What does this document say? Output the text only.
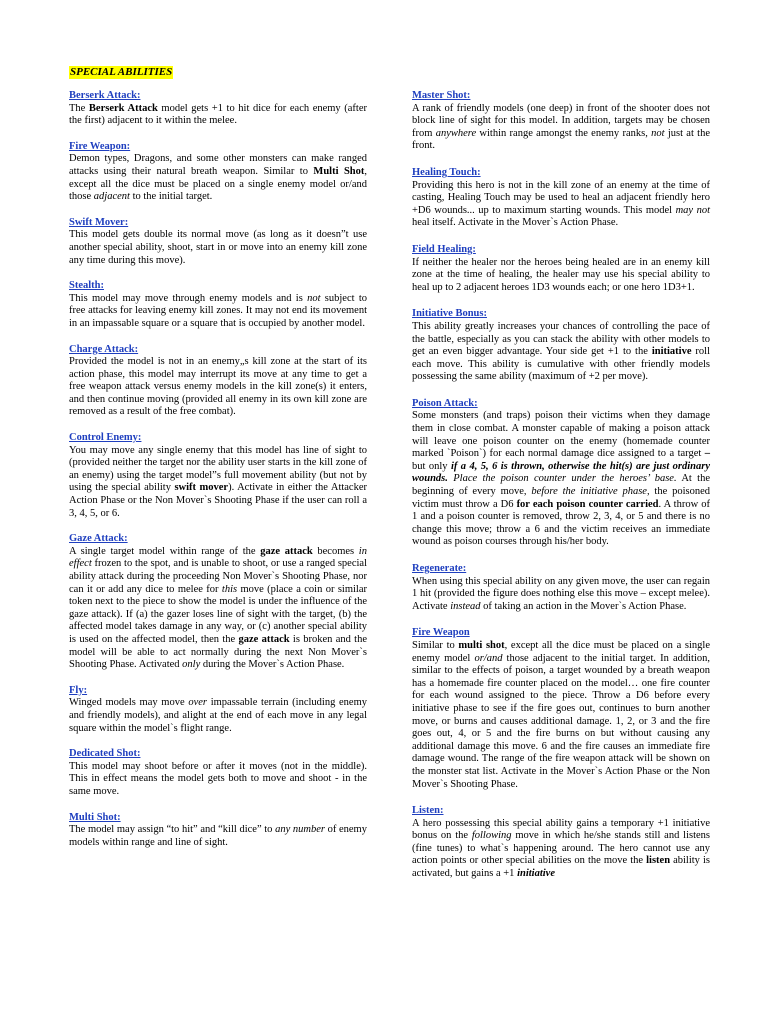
SPECIAL ABILITIES
Berserk Attack:
The Berserk Attack model gets +1 to hit dice for each enemy (after the first) adjacent to it within the melee.
Fire Weapon:
Demon types, Dragons, and some other monsters can make ranged attacks using their natural breath weapon. Similar to Multi Shot, except all the dice must be placed on a single enemy model or/and those adjacent to the initial target.
Swift Mover:
This model gets double its normal move (as long as it doesn”t use another special ability, shoot, start in or move into an enemy kill zone any time during this move).
Stealth:
This model may move through enemy models and is not subject to free attacks for leaving enemy kill zones. It may not end its movement in an impassable square or a square that is occupied by another model.
Charge Attack:
Provided the model is not in an enemy„s kill zone at the start of its action phase, this model may interrupt its move at any time to get a free weapon attack versus enemy models in the kill zone(s) it enters, and then continue moving (provided all enemy in its own kill zone are removed as a result of the free combat).
Control Enemy:
You may move any single enemy that this model has line of sight to (provided neither the target nor the ability user starts in the kill zone of an enemy) using the target model”s full movement ability (but not by using the special ability swift mover). Activate in either the Attacker Action Phase or the Non Mover`s Shooting Phase if the user can roll a 3, 4, 5, or 6.
Gaze Attack:
A single target model within range of the gaze attack becomes in effect frozen to the spot, and is unable to shoot, or use a ranged special ability attack during the proceeding Non Mover`s Shooting Phase, nor can it or add any dice to melee for this move (place a coin or similar token next to the piece to show the model is under the influence of the gaze attack). If (a) the gazer loses line of sight with the target, (b) the affected model takes damage in any way, or (c) another special ability is used on the affected model, then the gaze attack is broken and the model will be able to act normally during the next Non Mover`s Shooting Phase. Activated only during the Mover`s Action Phase.
Fly:
Winged models may move over impassable terrain (including enemy and friendly models), and alight at the end of each move in any legal square within the model`s flight range.
Dedicated Shot:
This model may shoot before or after it moves (not in the middle). This in effect means the model gets both to move and shoot - in the same move.
Multi Shot:
The model may assign “to hit” and “kill dice” to any number of enemy models within range and line of sight.
Master Shot:
A rank of friendly models (one deep) in front of the shooter does not block line of sight for this model. In addition, targets may be chosen from anywhere within range amongst the enemy ranks, not just at the front.
Healing Touch:
Providing this hero is not in the kill zone of an enemy at the time of casting, Healing Touch may be used to heal an adjacent friendly hero +D6 wounds... up to maximum starting wounds. This model may not heal itself. Activate in the Mover`s Action Phase.
Field Healing:
If neither the healer nor the heroes being healed are in an enemy kill zone at the time of healing, the healer may use his special ability to heal up to 2 adjacent heroes 1D3 wounds each; or one hero 1D3+1.
Initiative Bonus:
This ability greatly increases your chances of controlling the pace of the battle, especially as you can stack the ability with other models to get an even bigger advantage. Your side get +1 to the initiative roll each move. This ability is cumulative with other friendly models possessing the same ability (maximum of +2 per move).
Poison Attack:
Some monsters (and traps) poison their victims when they damage them in close combat. A monster capable of making a poison attack will leave one poison counter on the enemy (homemade counter marked `Poison`) for each normal damage dice assigned to a target – but only if a 4, 5, 6 is thrown, otherwise the hit(s) are just ordinary wounds. Place the poison counter under the heroes’ base. At the beginning of every move, before the initiative phase, the poisoned victim must throw a D6 for each poison counter carried. A throw of 1 and a poison counter is removed, throw 2, 3, 4, or 5 and there is no change this move; throw a 6 and the victim receives an immediate wound as poison courses through his/her body.
Regenerate:
When using this special ability on any given move, the user can regain 1 hit (provided the figure does nothing else this move – except melee). Activate instead of taking an action in the Mover`s Action Phase.
Fire Weapon
Similar to multi shot, except all the dice must be placed on a single enemy model or/and those adjacent to the initial target. In addition, similar to the effects of poison, a target wounded by a breath weapon has a homemade fire counter placed on the model… one fire counter for each wound assigned to the piece. Throw a D6 before every initiative phase to see if the fire goes out, continues to burn another move, or burns and causes additional damage. 1, 2, or 3 and the fire goes out, 4, or 5 and the fire burns on but without causing any additional damage this move. 6 and the fire causes an immediate fire damage wound. The range of the fire weapon attack will be shown on the monster stat list. Activate in the Mover`s Action Phase or the Non Mover`s Shooting Phase.
Listen:
A hero possessing this special ability gains a temporary +1 initiative bonus on the following move in which he/she stands still and listens (fine tunes) to what`s happening around. The hero cannot use any action points or other special abilities on the move the listen ability is activated, but gains a +1 initiative
